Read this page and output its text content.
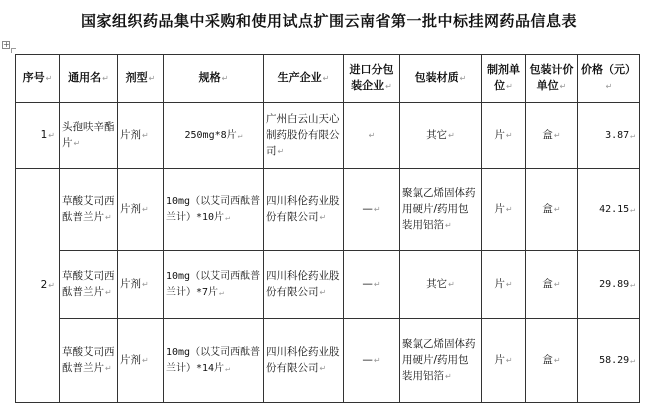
国家组织药品集中采购和使用试点扩围云南省第一批中标挂网药品信息表
+
序号 ↵	通用名 ↵	剂型 ↵	规格 ↵	生产企业 ↵	进口分包装企业 ↵	包装材质 ↵	制剂单位 ↵	包装计价单位 ↵	价格（元） ↵
1 ↵	头孢呋辛酯片 ↵	片剂 ↵	250mg*8片 ↵	广州白云山天心制药股份有限公司 ↵	↵	其它 ↵	片 ↵	盒 ↵	3.87 ↵
2 ↵	草酸艾司西酞普兰片 ↵	片剂 ↵	10mg（以艾司西酞普兰计）*10片 ↵	四川科伦药业股份有限公司 ↵	— ↵	聚氯乙烯固体药用硬片/药用包装用铝箔 ↵	片 ↵	盒 ↵	42.15 ↵
	草酸艾司西酞普兰片 ↵	片剂 ↵	10mg（以艾司西酞普兰计）*7片 ↵	四川科伦药业股份有限公司 ↵	— ↵	其它 ↵	片 ↵	盒 ↵	29.89 ↵
	草酸艾司西酞普兰片 ↵	片剂 ↵	10mg（以艾司西酞普兰计）*14片 ↵	四川科伦药业股份有限公司 ↵	— ↵	聚氯乙烯固体药用硬片/药用包装用铝箔 ↵	片 ↵	盒 ↵	58.29 ↵
